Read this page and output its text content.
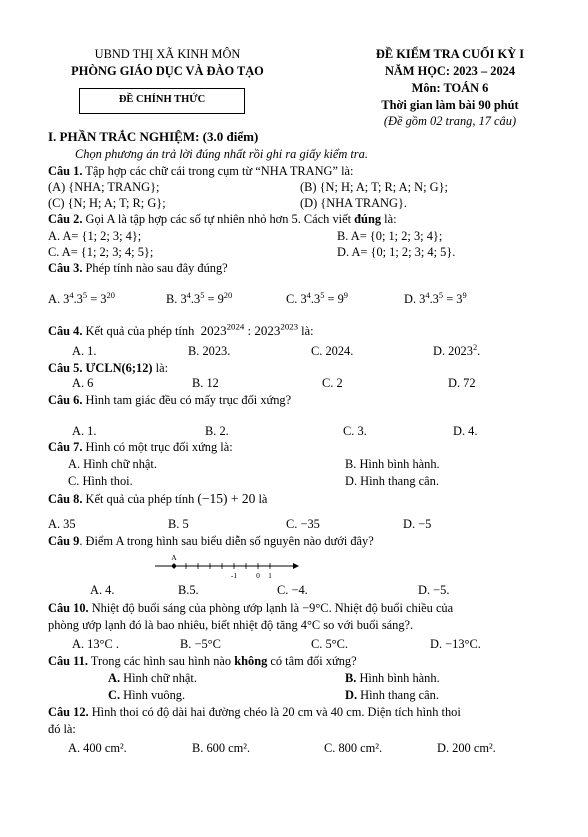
UBND THỊ XÃ KINH MÔN
PHÒNG GIÁO DỤC VÀ ĐÀO TẠO
ĐỀ CHÍNH THỨC
ĐỀ KIỂM TRA CUỐI KỲ I
NĂM HỌC: 2023 – 2024
Môn: TOÁN 6
Thời gian làm bài 90 phút
(Đề gồm 02 trang, 17 câu)
I. PHẦN TRẮC NGHIỆM: (3.0 điểm)
Chọn phương án trả lời đúng nhất rồi ghi ra giấy kiểm tra.
Câu 1. Tập hợp các chữ cái trong cụm từ “NHA TRANG” là:
(A) {NHA; TRANG};	(B) {N; H; A; T; R; A; N; G};
(C) {N; H; A; T; R; G};	(D) {NHA TRANG}.
Câu 2. Gọi A là tập hợp các số tự nhiên nhỏ hơn 5. Cách viết đúng là:
A. A= {1; 2; 3; 4};	B. A= {0; 1; 2; 3; 4};
C. A= {1; 2; 3; 4; 5};	D. A= {0; 1; 2; 3; 4; 5}.
Câu 3. Phép tính nào sau đây đúng?
A. $3^4.3^5 = 3^{20}$	B. $3^4.3^5 = 9^{20}$	C. $3^4.3^5 = 9^9$	D. $3^4.3^5 = 3^9$
Câu 4. Kết quả của phép tính  $2023^{2024}$ : $2023^{2023}$ là:
A. 1.	B. 2023.	C. 2024.	D. 2023$^2$.
Câu 5. ƯCLN(6;12) là:
A. 6	B. 12	C. 2	D. 72
Câu 6. Hình tam giác đều có mấy trục đối xứng?
A. 1.	B. 2.	C. 3.	D. 4.
Câu 7. Hình có một trục đối xứng là:
A. Hình chữ nhật.	B. Hình bình hành.
C. Hình thoi.	D. Hình thang cân.
Câu 8. Kết quả của phép tính (−15) + 20 là
A. 35	B. 5	C. −35	D. −5
Câu 9. Điểm A trong hình sau biểu diễn số nguyên nào dưới đây?
A
-1	0 1
A. 4.	B.5.	C. −4.	D. −5.
Câu 10. Nhiệt độ buổi sáng của phòng ướp lạnh là −9°C. Nhiệt độ buổi chiều của
phòng ướp lạnh đó là bao nhiêu, biết nhiệt độ tăng 4°C so với buổi sáng?.
A. 13°C .	B. −5°C	C. 5°C.	D. −13°C.
Câu 11. Trong các hình sau hình nào không có tâm đối xứng?
A. Hình chữ nhật.	B. Hình bình hành.
C. Hình vuông.	D. Hình thang cân.
Câu 12. Hình thoi có độ dài hai đường chéo là 20 cm và 40 cm. Diện tích hình thoi
đó là:
A. 400 cm².	B. 600 cm².	C. 800 cm².	D. 200 cm².
